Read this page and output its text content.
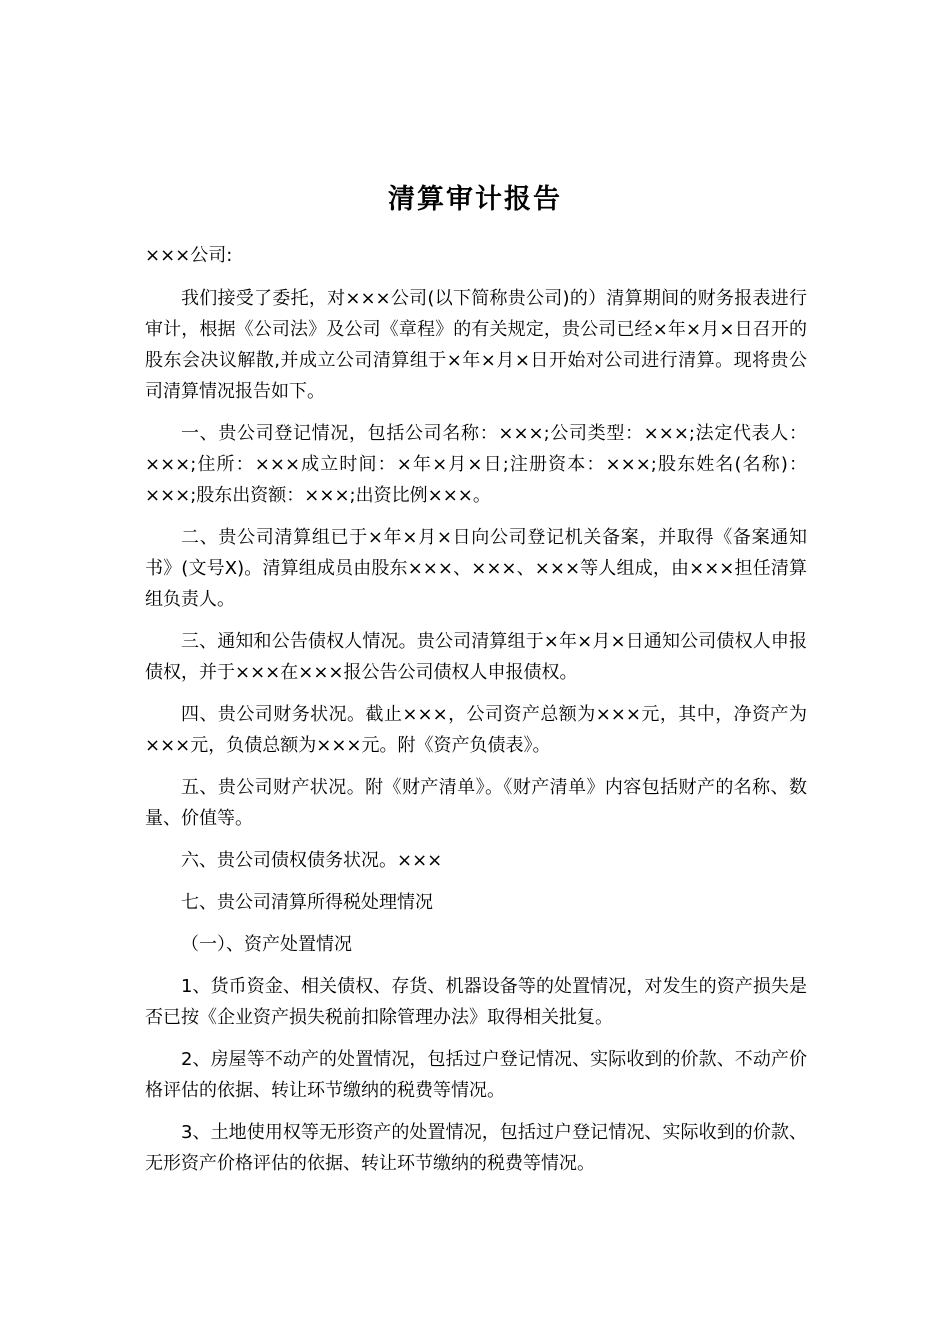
清算审计报告
×××公司:

我们接受了委托，对×××公司(以下简称贵公司)的）清算期间的财务报表进行审计，根据《公司法》及公司《章程》的有关规定，贵公司已经×年×月×日召开的股东会决议解散,并成立公司清算组于×年×月×日开始对公司进行清算。现将贵公司清算情况报告如下。

一、贵公司登记情况，包括公司名称：×××;公司类型：×××;法定代表人：×××;住所：×××成立时间：×年×月×日;注册资本：×××;股东姓名(名称)：×××;股东出资额：×××;出资比例×××。

二、贵公司清算组已于×年×月×日向公司登记机关备案，并取得《备案通知书》(文号X)。清算组成员由股东×××、×××、×××等人组成，由×××担任清算组负责人。

三、通知和公告债权人情况。贵公司清算组于×年×月×日通知公司债权人申报债权，并于×××在×××报公告公司债权人申报债权。

四、贵公司财务状况。截止×××，公司资产总额为×××元，其中，净资产为×××元，负债总额为×××元。附《资产负债表》。

五、贵公司财产状况。附《财产清单》。《财产清单》内容包括财产的名称、数量、价值等。

六、贵公司债权债务状况。×××

七、贵公司清算所得税处理情况

（一）、资产处置情况

1、货币资金、相关债权、存货、机器设备等的处置情况，对发生的资产损失是否已按《企业资产损失税前扣除管理办法》取得相关批复。

2、房屋等不动产的处置情况，包括过户登记情况、实际收到的价款、不动产价格评估的依据、转让环节缴纳的税费等情况。

3、土地使用权等无形资产的处置情况，包括过户登记情况、实际收到的价款、无形资产价格评估的依据、转让环节缴纳的税费等情况。
